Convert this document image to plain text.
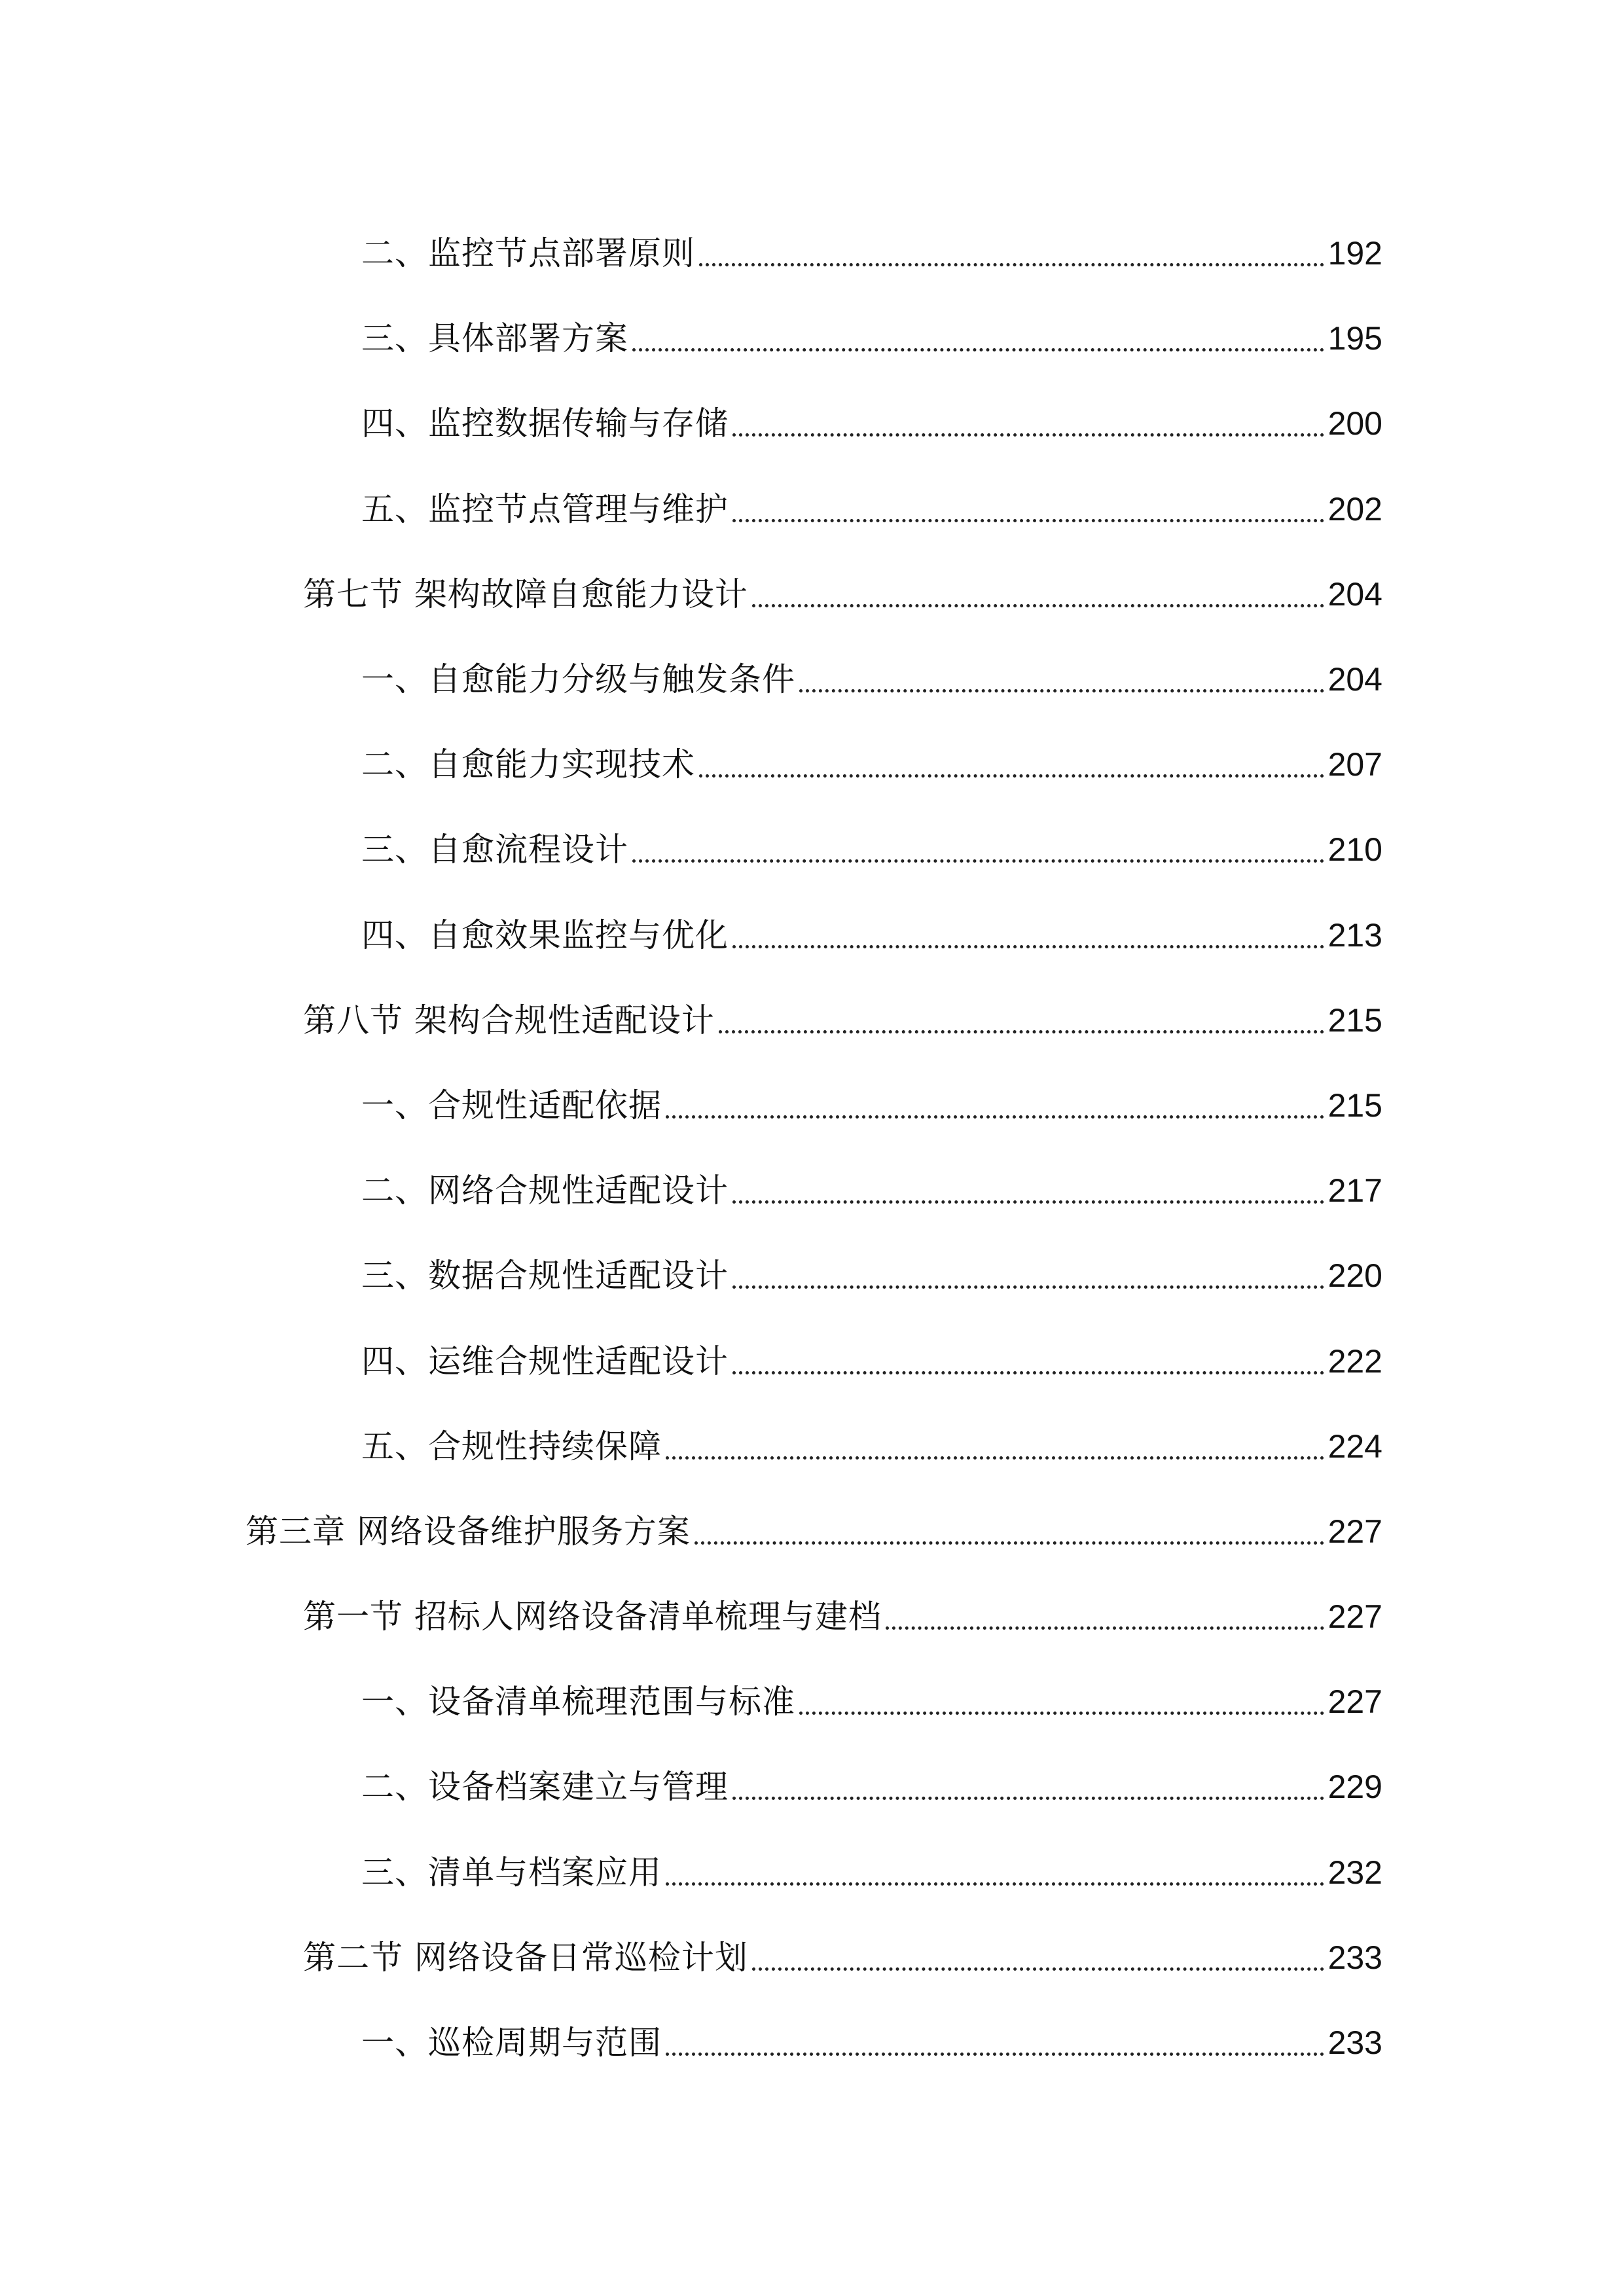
二、监控节点部署原则	192
三、具体部署方案	195
四、监控数据传输与存储	200
五、监控节点管理与维护	202
第七节 架构故障自愈能力设计	204
一、自愈能力分级与触发条件	204
二、自愈能力实现技术	207
三、自愈流程设计	210
四、自愈效果监控与优化	213
第八节 架构合规性适配设计	215
一、合规性适配依据	215
二、网络合规性适配设计	217
三、数据合规性适配设计	220
四、运维合规性适配设计	222
五、合规性持续保障	224
第三章 网络设备维护服务方案	227
第一节 招标人网络设备清单梳理与建档	227
一、设备清单梳理范围与标准	227
二、设备档案建立与管理	229
三、清单与档案应用	232
第二节 网络设备日常巡检计划	233
一、巡检周期与范围	233
